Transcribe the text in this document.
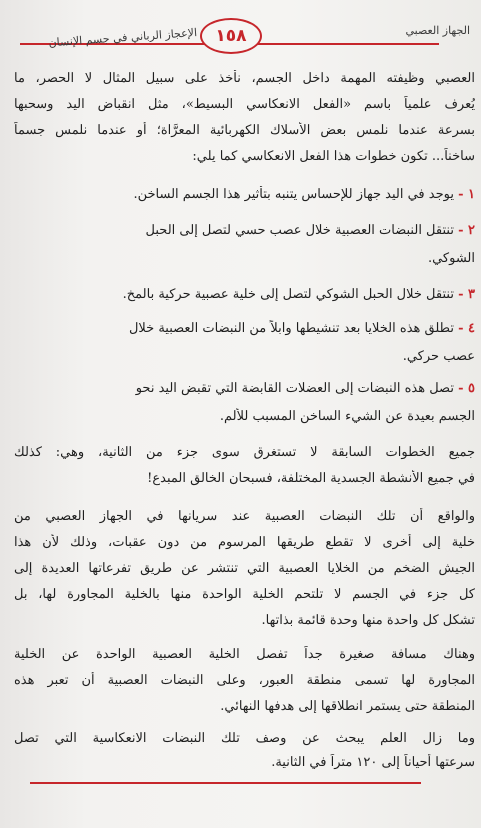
١٥٨
الإعجاز الرباني في جسم الإنسان	الجهاز العصبي
العصبي وظيفته المهمة داخل الجسم، نأخذ على سبيل المثال لا الحصر، ما
يُعرف علمياً باسم «الفعل الانعكاسي البسيط»، مثل انقباض اليد وسحبها
بسرعة عندما نلمس بعض الأسلاك الكهربائية المعرَّاة؛ أو عندما نلمس جسماً
ساخناً... تكون خطوات هذا الفعل الانعكاسي كما يلي:
١ - يوجد في اليد جهاز للإحساس يتنبه بتأثير هذا الجسم الساخن.
٢ - تنتقل النبضات العصبية خلال عصب حسي لتصل إلى الحبل
الشوكي.
٣ - تنتقل خلال الحبل الشوكي لتصل إلى خلية عصبية حركية بالمخ.
٤ - تطلق هذه الخلايا بعد تنشيطها وابلاً من النبضات العصبية خلال
عصب حركي.
٥ - تصل هذه النبضات إلى العضلات القابضة التي تقبض اليد نحو
الجسم بعيدة عن الشيء الساخن المسبب للألم.
جميع الخطوات السابقة لا تستغرق سوى جزء من الثانية، وهي: كذلك
في جميع الأنشطة الجسدية المختلفة، فسبحان الخالق المبدع!
والواقع أن تلك النبضات العصبية عند سريانها في الجهاز العصبي من
خلية إلى أخرى لا تقطع طريقها المرسوم من دون عقبات، وذلك لأن هذا
الجيش الضخم من الخلايا العصبية التي تنتشر عن طريق تفرعاتها العديدة إلى
كل جزء في الجسم لا تلتحم الخلية الواحدة منها بالخلية المجاورة لها، بل
تشكل كل واحدة منها وحدة قائمة بذاتها.
وهناك مسافة صغيرة جداً تفصل الخلية العصبية الواحدة عن الخلية
المجاورة لها تسمى منطقة العبور، وعلى النبضات العصبية أن تعبر هذه
المنطقة حتى يستمر انطلاقها إلى هدفها النهائي.
وما زال العلم يبحث عن وصف تلك النبضات الانعكاسية التي تصل
سرعتها أحياناً إلى ١٢٠ متراً في الثانية.
